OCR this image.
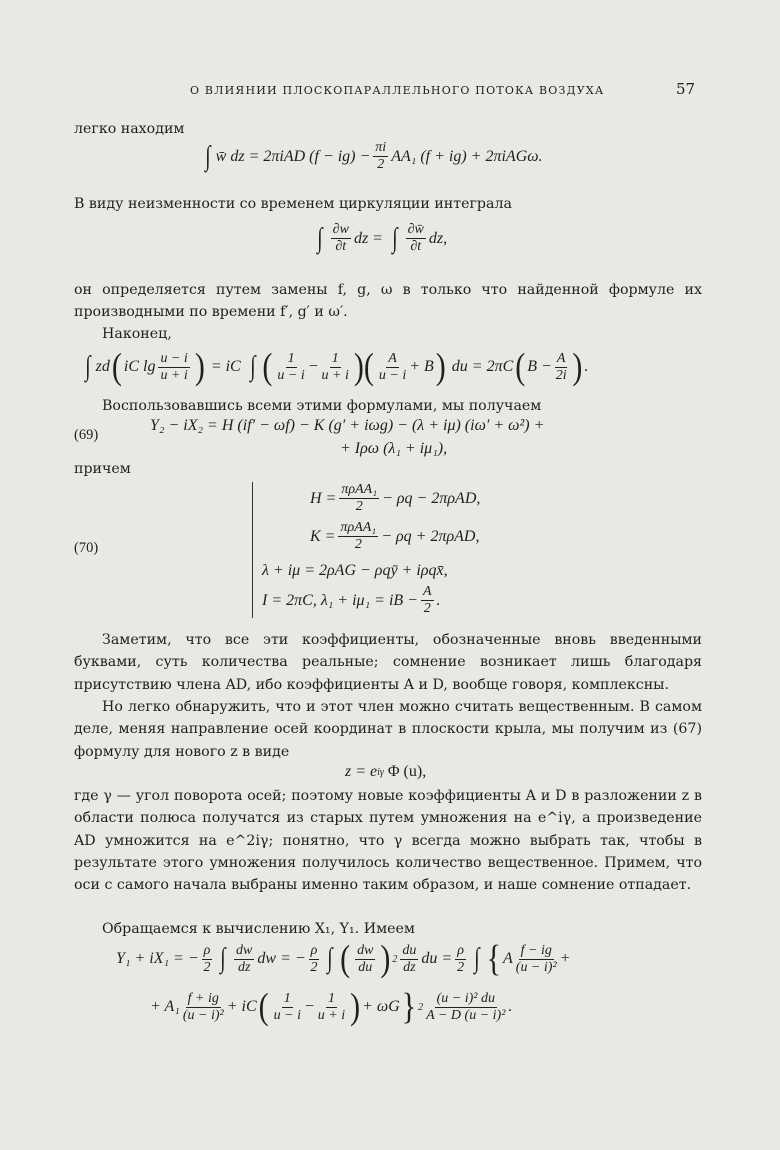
О ВЛИЯНИИ ПЛОСКОПАРАЛЛЕЛЬНОГО ПОТОКА ВОЗДУХА	57
легко находим
∫ w̄ dz = 2πiAD $(f - ig) - \frac{\pi i}{2} AA_1$ (f + ig) + 2πiAGω.
В виду неизменности со временем циркуляции интеграла
∫ ∂w
∂t dz =
∫ ∂w̄
∂t dz,
он определяется путем замены f, g, ω в только что найденной формуле их производными по времени f′, g′ и ω′.
Наконец,
∫ zd ( iC lg u − i
u + i )
= iC
∫ ( 1
$u - i - \frac{1}{u + i}$ )( A
u − i + B )
du = 2πC ( $B - \frac{A}{2i}$ ) .
Воспользовавшись всеми этими формулами, мы получаем
(69)
Y₂ − iX₂ = H (if′ − ωf) − K (g′ + iωg) − (λ + iμ) (iω′ + ω²) +
+ Iρω (λ₁ + iμ₁),
причем
(70)
H = πρAA₁
2 − ρq − 2πρAD,
K = πρAA₁
2 − ρq + 2πρAD,
λ + iμ = 2ρAG − ρqȳ + iρqx̄,
I = 2πC, λ₁ + iμ₁ = iB − $\frac{A}{2}$ .
Заметим, что все эти коэффициенты, обозначенные вновь введенными буквами, суть количества реальные; сомнение возникает лишь благодаря присутствию члена AD, ибо коэффициенты A и D, вообще говоря, комплексны.
Но легко обнаружить, что и этот член можно считать вещественным. В самом деле, меняя направление осей координат в плоскости крыла, мы получим из (67) формулу для нового z в виде
z = e iγ
Φ (u),
где γ — угол поворота осей; поэтому новые коэффициенты A и D в разложении z в области полюса получатся из старых путем умножения на e^iγ, а произведение AD умножится на e^2iγ; понятно, что γ всегда можно выбрать так, чтобы в результате этого умножения получилось количество вещественное. Примем, что оси с самого начала выбраны именно таким образом, и наше сомнение отпадает.
Обращаемся к вычислению X₁, Y₁. Имеем
Y₁ + iX₁ = − $\frac{\rho}{2}$ ∫ dw
dz dw = − $\frac{\rho}{2}$ ∫ ( dw
du ) 2
du
dz du = $\frac{\rho}{2}$ ∫ { A f − ig
(u − i)² +
+ A₁ f + ig
(u − i)² + iC ( 1
$u - i - \frac{1}{u + i}$ ) + ωG } 2
(u − i)² du
A − D (u − i)² .
